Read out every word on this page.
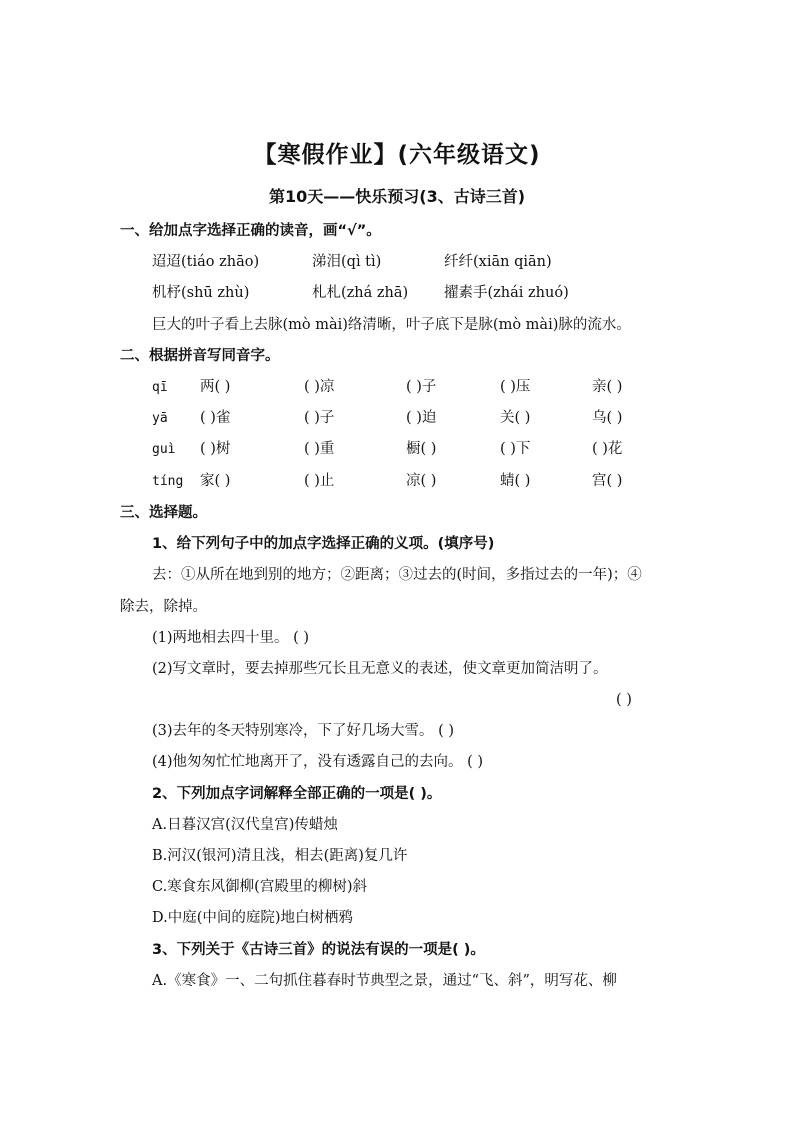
【寒假作业】(六年级语文)
第10天——快乐预习(3、古诗三首)
一、给加点字选择正确的读音，画“√”。
迢迢(tiáo zhāo)	涕泪(qì tì)	纤纤(xiān qiān)
机杼(shū zhù)	札札(zhá zhā) 擢素手(zhái zhuó)
巨大的叶子看上去脉(mò mài)络清晰，叶子底下是脉(mò mài)脉的流水。
二、根据拼音写同音字。
qī 两( )	( )凉	( )子	( )压	亲( )
yā ( )雀	( )子	( )迫	关( )	乌( )
guì ( )树	( )重	橱( )	( )下	( )花
tíng 家( )	( )止	凉( )	蜻( )	宫( )
三、选择题。
1、给下列句子中的加点字选择正确的义项。(填序号)
去：①从所在地到别的地方；②距离；③过去的(时间，多指过去的一年)；④
除去，除掉。
(1)两地相去四十里。 ( )
(2)写文章时，要去掉那些冗长且无意义的表述，使文章更加简洁明了。
( )
(3)去年的冬天特别寒冷，下了好几场大雪。 ( )
(4)他匆匆忙忙地离开了，没有透露自己的去向。 ( )
2、下列加点字词解释全部正确的一项是( )。
A.日暮汉宫(汉代皇宫)传蜡烛
B.河汉(银河)清且浅，相去(距离)复几许
C.寒食东风御柳(宫殿里的柳树)斜
D.中庭(中间的庭院)地白树栖鸦
3、下列关于《古诗三首》的说法有误的一项是( )。
A.《寒食》一、二句抓住暮春时节典型之景，通过“飞、斜”，明写花、柳
